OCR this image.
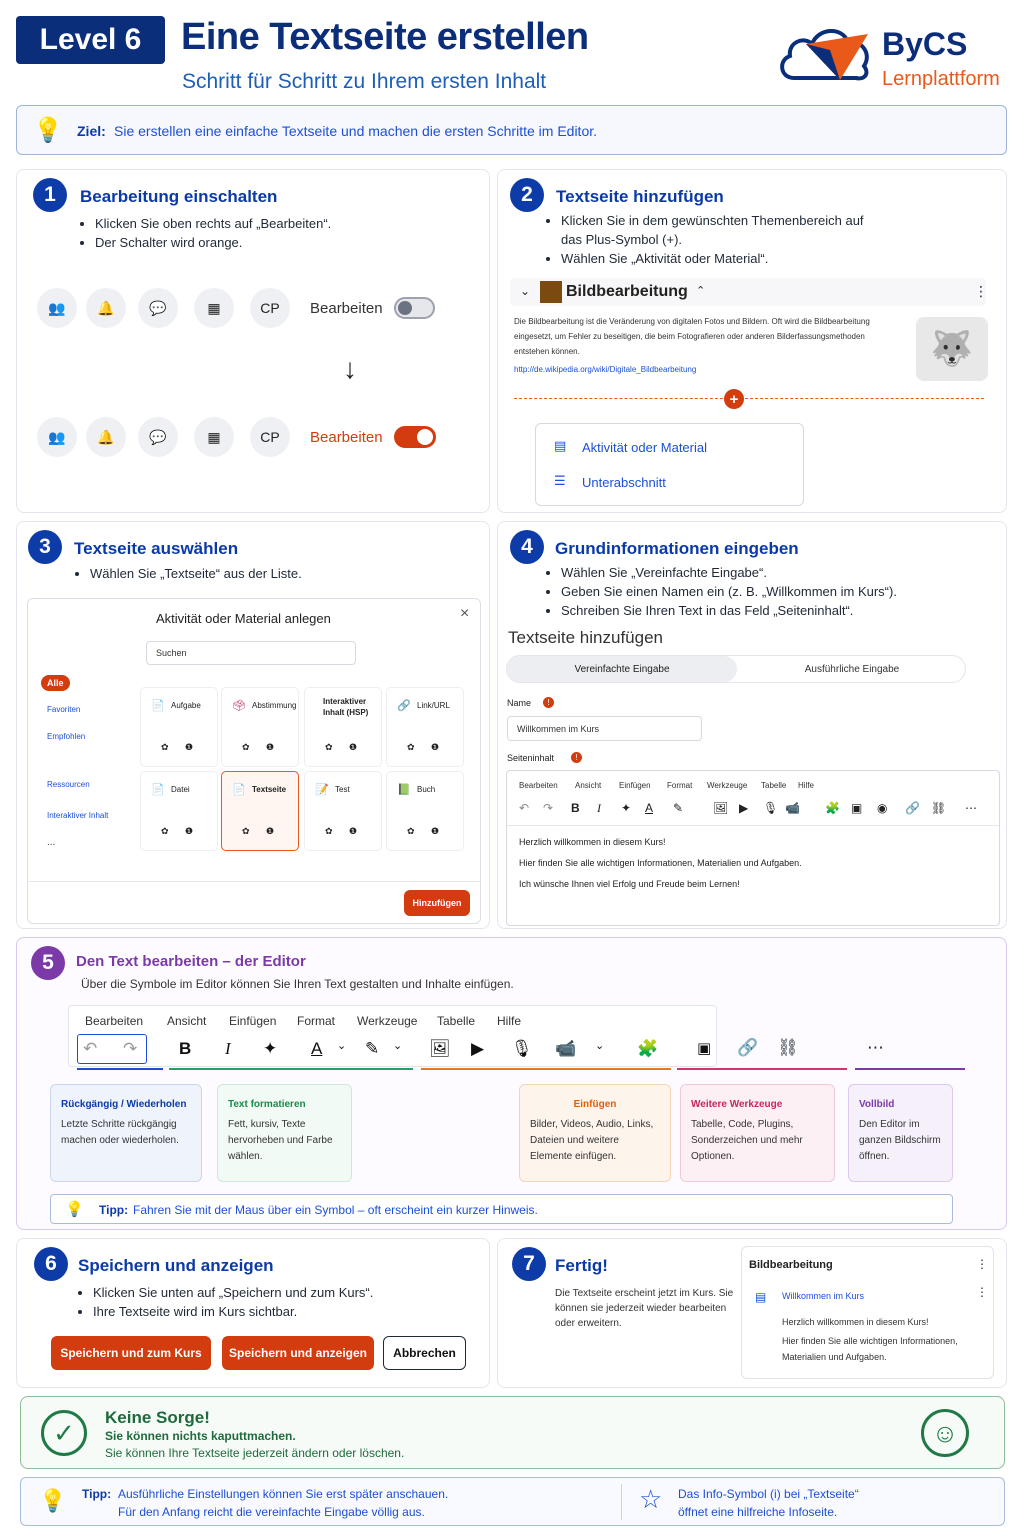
Level 6	Eine Textseite erstellen
Schritt für Schritt zu Ihrem ersten Inhalt
ByCS
Lernplattform
💡 Ziel: Sie erstellen eine einfache Textseite und machen die ersten Schritte im Editor.
1	Bearbeitung einschalten
• Klicken Sie oben rechts auf „Bearbeiten“.
• Der Schalter wird orange.
👥	🔔	💬	▦	CP	Bearbeiten
↓
👥	🔔	💬	▦	CP	Bearbeiten
2	Textseite hinzufügen
• Klicken Sie in dem gewünschten Themenbereich auf das Plus-Symbol (+).
• Wählen Sie „Aktivität oder Material“.
⌄ Bildbearbeitung ⌃	⋮
Die Bildbearbeitung ist die Veränderung von digitalen Fotos und Bildern. Oft wird die Bildbearbeitung eingesetzt, um Fehler zu beseitigen, die beim Fotografieren oder anderen Bilderfassungsmethoden entstehen können.
http://de.wikipedia.org/wiki/Digitale_Bildbearbeitung
🐺
+
▤ Aktivität oder Material
☰ Unterabschnitt
3	Textseite auswählen
• Wählen Sie „Textseite“ aus der Liste.
Aktivität oder Material anlegen	×
Suchen
Alle
Favoriten
Empfohlen
Ressourcen
Interaktiver Inhalt
...
📄 Aufgabe
✿ ❶
🗳 Abstimmung
✿ ❶
Interaktiver Inhalt (HSP)
✿ ❶
🔗 Link/URL
✿ ❶
📄 Datei
✿ ❶
📄 Textseite
✿ ❶
📝 Test
✿ ❶
📗 Buch
✿ ❶
Hinzufügen
4	Grundinformationen eingeben
• Wählen Sie „Vereinfachte Eingabe“.
• Geben Sie einen Namen ein (z. B. „Willkommen im Kurs“).
• Schreiben Sie Ihren Text in das Feld „Seiteninhalt“.
Textseite hinzufügen
Vereinfachte Eingabe	Ausführliche Eingabe
Name	!
Willkommen im Kurs
Seiteninhalt	!
Bearbeiten Ansicht Einfügen Format Werkzeuge Tabelle Hilfe
↶ ↷ B I ✦ A ✎ 🖼 ▶ 🎙 📹 🧩 ▣ ◉ 🔗 ⛓ ⋯
Herzlich willkommen in diesem Kurs!
Hier finden Sie alle wichtigen Informationen, Materialien und Aufgaben.
Ich wünsche Ihnen viel Erfolg und Freude beim Lernen!
5	Den Text bearbeiten – der Editor
Über die Symbole im Editor können Sie Ihren Text gestalten und Inhalte einfügen.
Bearbeiten Ansicht Einfügen Format Werkzeuge Tabelle Hilfe
↶ ↷ B I ✦ A ⌄ ✎ ⌄ 🖼 ▶ 🎙 📹 ⌄ 🧩	▣ 🔗 ⛓	⋯
Rückgängig / Wiederholen
Letzte Schritte rückgängig machen oder wiederholen.
Text formatieren
Fett, kursiv, Texte hervorheben und Farbe wählen.
Einfügen
Bilder, Videos, Audio, Links, Dateien und weitere Elemente einfügen.
Weitere Werkzeuge
Tabelle, Code, Plugins, Sonderzeichen und mehr Optionen.
Vollbild
Den Editor im ganzen Bildschirm öffnen.
💡 Tipp: Fahren Sie mit der Maus über ein Symbol – oft erscheint ein kurzer Hinweis.
6	Speichern und anzeigen
• Klicken Sie unten auf „Speichern und zum Kurs“.
• Ihre Textseite wird im Kurs sichtbar.
Speichern und zum Kurs	Speichern und anzeigen	Abbrechen
7	Fertig!
Die Textseite erscheint jetzt im Kurs. Sie können sie jederzeit wieder bearbeiten oder erweitern.
Bildbearbeitung	⋮
▤ Willkommen im Kurs	⋮
Herzlich willkommen in diesem Kurs!
Hier finden Sie alle wichtigen Informationen, Materialien und Aufgaben.
✓	Keine Sorge!
Sie können nichts kaputtmachen.
Sie können Ihre Textseite jederzeit ändern oder löschen.
☺
💡 Tipp: Ausführliche Einstellungen können Sie erst später anschauen.
Für den Anfang reicht die vereinfachte Eingabe völlig aus.	☆ Das Info-Symbol (i) bei „Textseite“
öffnet eine hilfreiche Infoseite.
